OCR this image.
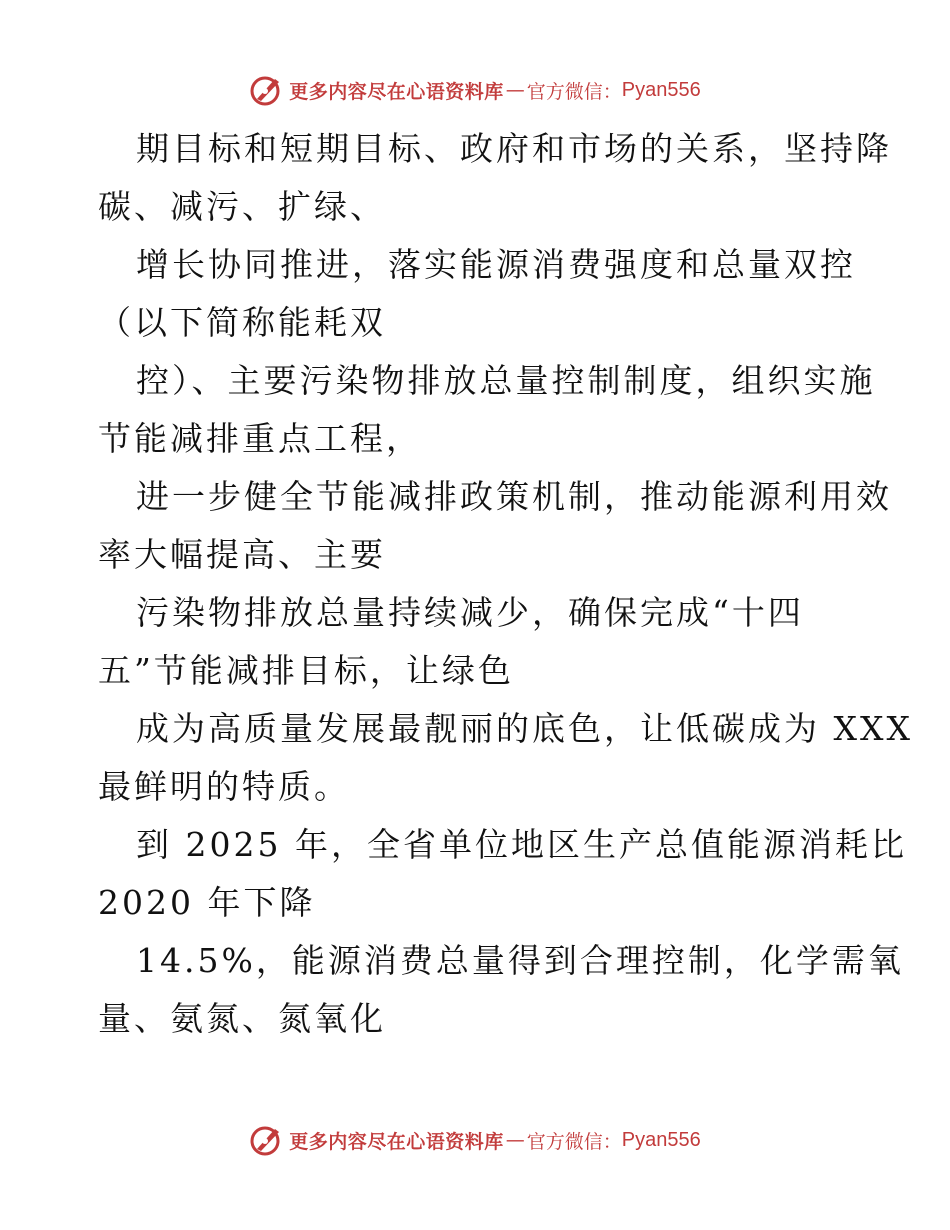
更多内容尽在心语资料库 — 官方微信： Pyan556
期目标和短期目标、政府和市场的关系，坚持降
碳、减污、扩绿、
增长协同推进，落实能源消费强度和总量双控
（以下简称能耗双
控）、主要污染物排放总量控制制度，组织实施
节能减排重点工程，
进一步健全节能减排政策机制，推动能源利用效
率大幅提高、主要
污染物排放总量持续减少，确保完成“十四
五”节能减排目标，让绿色
成为高质量发展最靓丽的底色，让低碳成为 XXX
最鲜明的特质。
到 2025 年，全省单位地区生产总值能源消耗比
2020 年下降
14.5%，能源消费总量得到合理控制，化学需氧
量、氨氮、氮氧化
更多内容尽在心语资料库 — 官方微信： Pyan556
